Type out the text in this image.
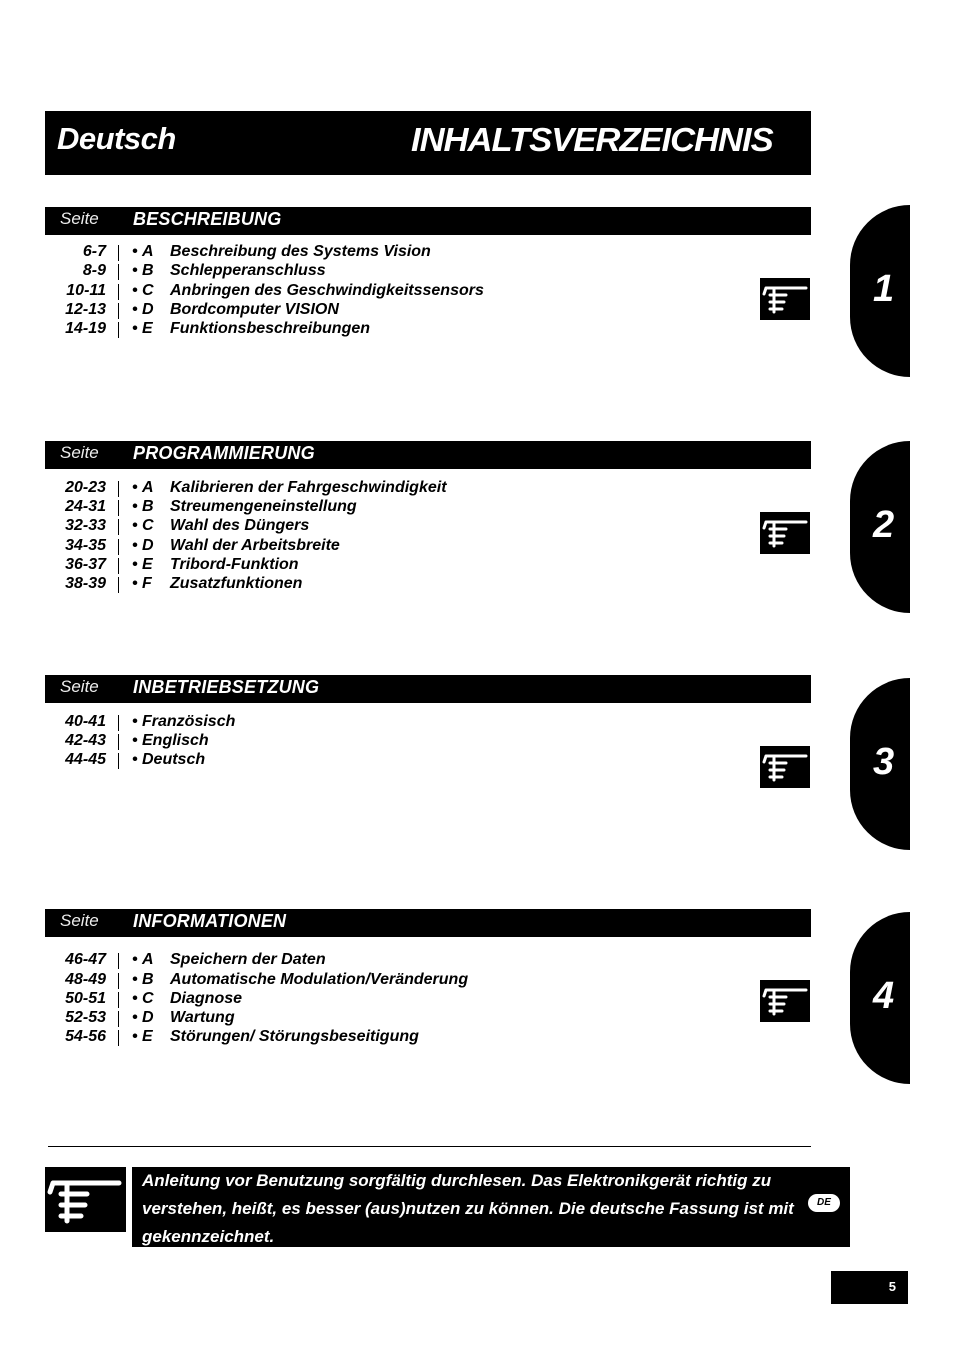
Deutsch	INHALTSVERZEICHNIS
Seite BESCHREIBUNG
6-7 • A Beschreibung des Systems Vision
8-9 • B Schlepperanschluss
10-11 • C Anbringen des Geschwindigkeitssensors
12-13 • D Bordcomputer VISION
14-19 • E Funktionsbeschreibungen
1
Seite PROGRAMMIERUNG
20-23 • A Kalibrieren der Fahrgeschwindigkeit
24-31 • B Streumengeneinstellung
32-33 • C Wahl des Düngers
34-35 • D Wahl der Arbeitsbreite
36-37 • E Tribord-Funktion
38-39 • F Zusatzfunktionen
2
Seite INBETRIEBSETZUNG
40-41 • Französisch
42-43 • Englisch
44-45 • Deutsch	3
Seite INFORMATIONEN
46-47 • A Speichern der Daten
48-49 • B Automatische Modulation/Veränderung
50-51 • C Diagnose
52-53 • D Wartung
54-56 • E Störungen/ Störungsbeseitigung
4
Anleitung vor Benutzung sorgfältig durchlesen. Das Elektronikgerät richtig zu verstehen, heißt, es besser (aus)nutzen zu können. Die deutsche Fassung ist mit gekennzeichnet.
DE
5
